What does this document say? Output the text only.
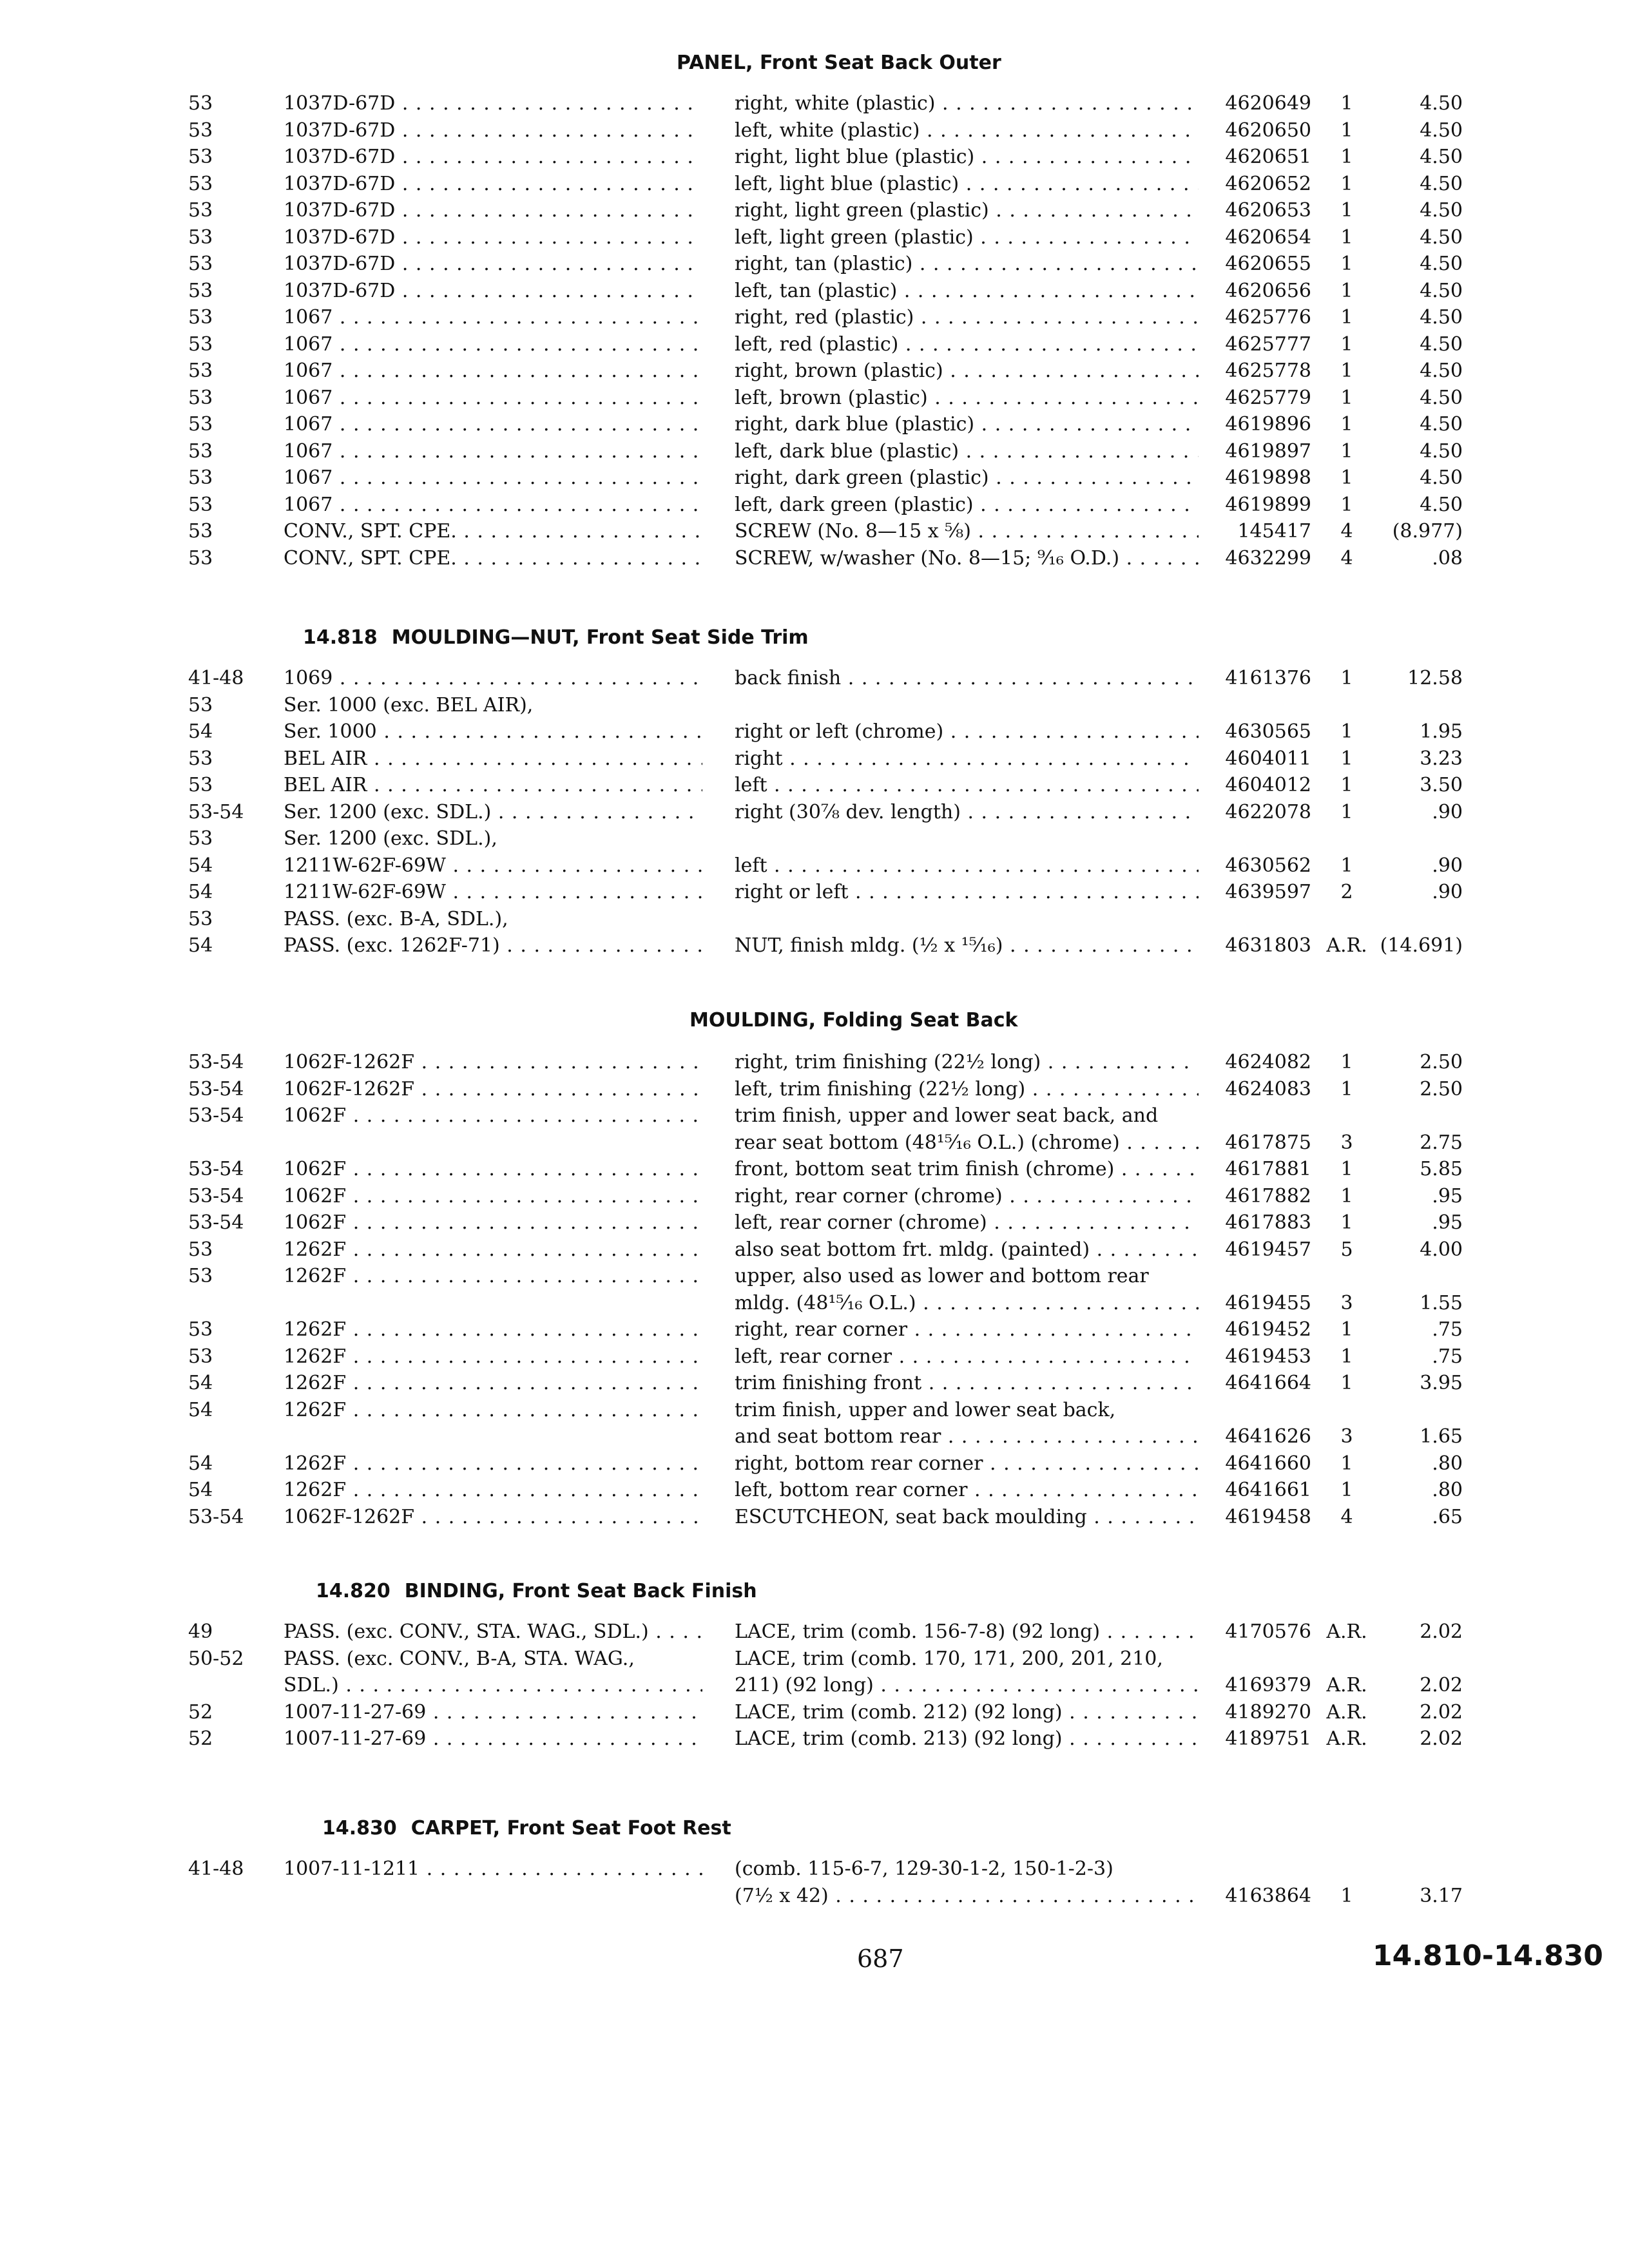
PANEL, Front Seat Back Outer
53	1037D-67D . . .	right, white (plastic) . . .	4620649	1	4.50
53	1037D-67D . . .	left, white (plastic) . . .	4620650	1	4.50
53	1037D-67D . . .	right, light blue (plastic) . . .	4620651	1	4.50
53	1037D-67D . . .	left, light blue (plastic) . . .	4620652	1	4.50
53	1037D-67D . . .	right, light green (plastic) . . .	4620653	1	4.50
53	1037D-67D . . .	left, light green (plastic) . . .	4620654	1	4.50
53	1037D-67D . . .	right, tan (plastic) . . .	4620655	1	4.50
53	1037D-67D . . .	left, tan (plastic) . . .	4620656	1	4.50
53	1067 . . .	right, red (plastic) . . .	4625776	1	4.50
53	1067 . . .	left, red (plastic) . . .	4625777	1	4.50
53	1067 . . .	right, brown (plastic) . . .	4625778	1	4.50
53	1067 . . .	left, brown (plastic) . . .	4625779	1	4.50
53	1067 . . .	right, dark blue (plastic) . . .	4619896	1	4.50
53	1067 . . .	left, dark blue (plastic) . . .	4619897	1	4.50
53	1067 . . .	right, dark green (plastic) . . .	4619898	1	4.50
53	1067 . . .	left, dark green (plastic) . . .	4619899	1	4.50
53	CONV., SPT. CPE. . . .	SCREW (No. 8—15 x ⅝) . . .	145417	4	(8.977)
53	CONV., SPT. CPE. . . .	SCREW, w/washer (No. 8—15; ⁹⁄₁₆ O.D.) . . .	4632299	4	.08
14.818 MOULDING—NUT, Front Seat Side Trim
41-48	1069 . . .	back finish . . .	4161376	1	12.58
53	Ser. 1000 (exc. BEL AIR),
54	Ser. 1000 . . .	right or left (chrome) . . .	4630565	1	1.95
53	BEL AIR . . .	right . . .	4604011	1	3.23
53	BEL AIR . . .	left . . .	4604012	1	3.50
53-54	Ser. 1200 (exc. SDL.) . . .	right (30⅞ dev. length) . . .	4622078	1	.90
53	Ser. 1200 (exc. SDL.),
54	1211W-62F-69W . . .	left . . .	4630562	1	.90
54	1211W-62F-69W . . .	right or left . . .	4639597	2	.90
53	PASS. (exc. B-A, SDL.),
54	PASS. (exc. 1262F-71) . . .	NUT, finish mldg. (½ x ¹⁵⁄₁₆) . . .	4631803 A.R. (14.691)
MOULDING, Folding Seat Back
53-54	1062F-1262F . . .	right, trim finishing (22½ long) . . .	4624082	1	2.50
53-54	1062F-1262F . . .	left, trim finishing (22½ long) . . .	4624083	1	2.50
53-54	1062F . . .	trim finish, upper and lower seat back, and
rear seat bottom (48¹⁵⁄₁₆ O.L.) (chrome) . . .	4617875	3	2.75
53-54	1062F . . .	front, bottom seat trim finish (chrome) . . .	4617881	1	5.85
53-54	1062F . . .	right, rear corner (chrome) . . .	4617882	1	.95
53-54	1062F . . .	left, rear corner (chrome) . . .	4617883	1	.95
53	1262F . . .	also seat bottom frt. mldg. (painted) . . .	4619457	5	4.00
53	1262F . . .	upper, also used as lower and bottom rear
mldg. (48¹⁵⁄₁₆ O.L.) . . .	4619455	3	1.55
53	1262F . . .	right, rear corner . . .	4619452	1	.75
53	1262F . . .	left, rear corner . . .	4619453	1	.75
54	1262F . . .	trim finishing front . . .	4641664	1	3.95
54	1262F . . .	trim finish, upper and lower seat back,
and seat bottom rear . . .	4641626	3	1.65
54	1262F . . .	right, bottom rear corner . . .	4641660	1	.80
54	1262F . . .	left, bottom rear corner . . .	4641661	1	.80
53-54	1062F-1262F . . .	ESCUTCHEON, seat back moulding . . .	4619458	4	.65
14.820 BINDING, Front Seat Back Finish
49	PASS. (exc. CONV., STA. WAG., SDL.) . . .	LACE, trim (comb. 156-7-8) (92 long) . . .	4170576 A.R.	2.02
50-52	PASS. (exc. CONV., B-A, STA. WAG.,	LACE, trim (comb. 170, 171, 200, 201, 210,
SDL.) . . .	211) (92 long) . . .	4169379 A.R.	2.02
52	1007-11-27-69 . . .	LACE, trim (comb. 212) (92 long) . . .	4189270 A.R.	2.02
52	1007-11-27-69 . . .	LACE, trim (comb. 213) (92 long) . . .	4189751 A.R.	2.02
14.830 CARPET, Front Seat Foot Rest
41-48	1007-11-1211 . . .	(comb. 115-6-7, 129-30-1-2, 150-1-2-3)
(7½ x 42) . . .	4163864	1	3.17
687	14.810-14.830
